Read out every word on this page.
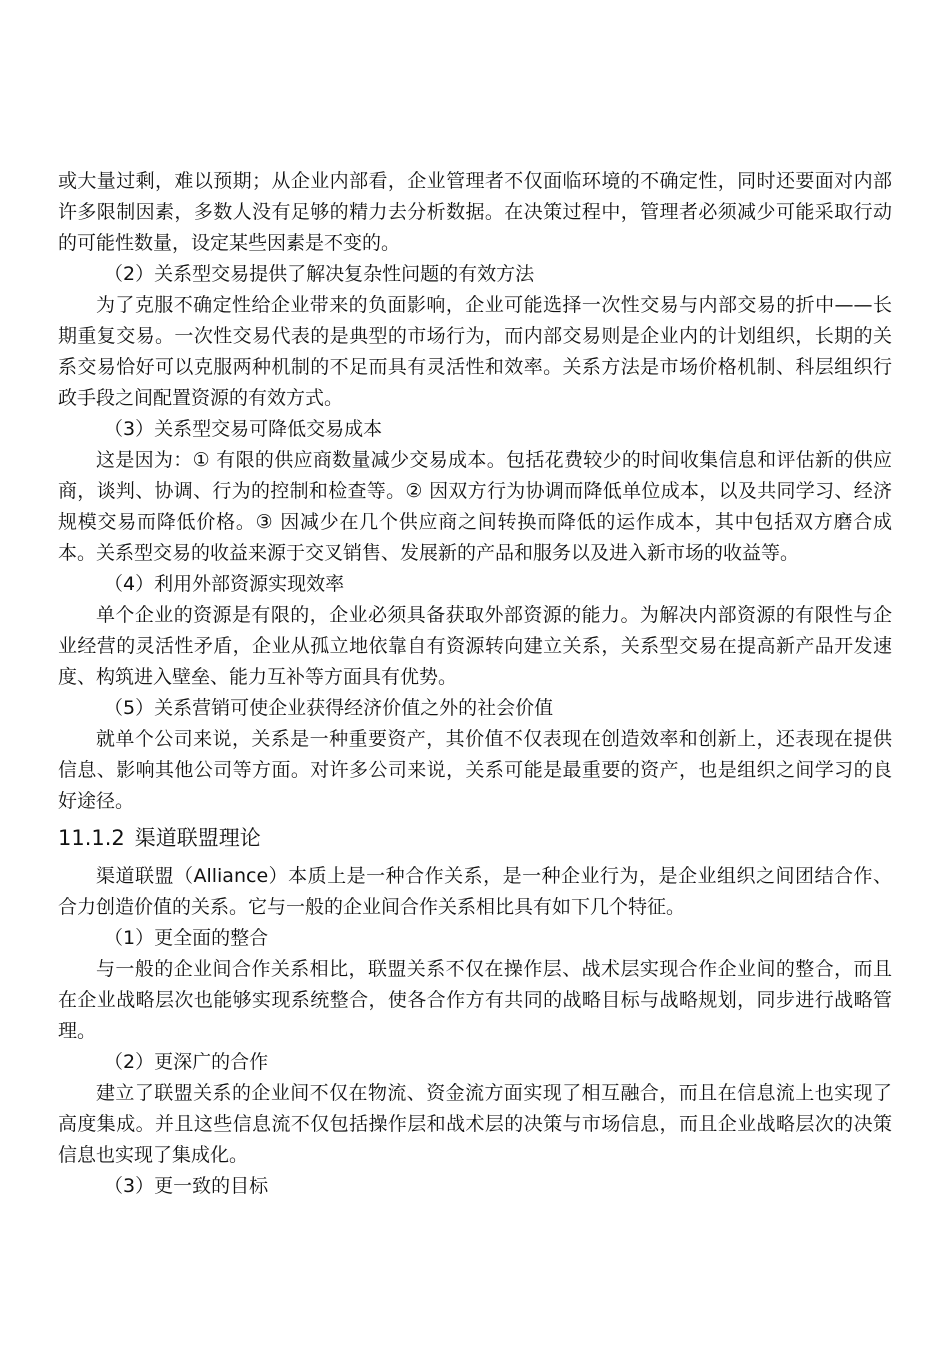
或大量过剩，难以预期；从企业内部看，企业管理者不仅面临环境的不确定性，同时还要面对内部许多限制因素，多数人没有足够的精力去分析数据。在决策过程中，管理者必须减少可能采取行动的可能性数量，设定某些因素是不变的。

（2）关系型交易提供了解决复杂性问题的有效方法

为了克服不确定性给企业带来的负面影响，企业可能选择一次性交易与内部交易的折中——长期重复交易。一次性交易代表的是典型的市场行为，而内部交易则是企业内的计划组织，长期的关系交易恰好可以克服两种机制的不足而具有灵活性和效率。关系方法是市场价格机制、科层组织行政手段之间配置资源的有效方式。

（3）关系型交易可降低交易成本

这是因为：① 有限的供应商数量减少交易成本。包括花费较少的时间收集信息和评估新的供应商，谈判、协调、行为的控制和检查等。② 因双方行为协调而降低单位成本，以及共同学习、经济规模交易而降低价格。③ 因减少在几个供应商之间转换而降低的运作成本，其中包括双方磨合成本。关系型交易的收益来源于交叉销售、发展新的产品和服务以及进入新市场的收益等。

（4）利用外部资源实现效率

单个企业的资源是有限的，企业必须具备获取外部资源的能力。为解决内部资源的有限性与企业经营的灵活性矛盾，企业从孤立地依靠自有资源转向建立关系，关系型交易在提高新产品开发速度、构筑进入壁垒、能力互补等方面具有优势。

（5）关系营销可使企业获得经济价值之外的社会价值

就单个公司来说，关系是一种重要资产，其价值不仅表现在创造效率和创新上，还表现在提供信息、影响其他公司等方面。对许多公司来说，关系可能是最重要的资产，也是组织之间学习的良好途径。

11.1.2 渠道联盟理论

渠道联盟（Alliance）本质上是一种合作关系，是一种企业行为，是企业组织之间团结合作、合力创造价值的关系。它与一般的企业间合作关系相比具有如下几个特征。

（1）更全面的整合

与一般的企业间合作关系相比，联盟关系不仅在操作层、战术层实现合作企业间的整合，而且在企业战略层次也能够实现系统整合，使各合作方有共同的战略目标与战略规划，同步进行战略管理。

（2）更深广的合作

建立了联盟关系的企业间不仅在物流、资金流方面实现了相互融合，而且在信息流上也实现了高度集成。并且这些信息流不仅包括操作层和战术层的决策与市场信息，而且企业战略层次的决策信息也实现了集成化。

（3）更一致的目标
